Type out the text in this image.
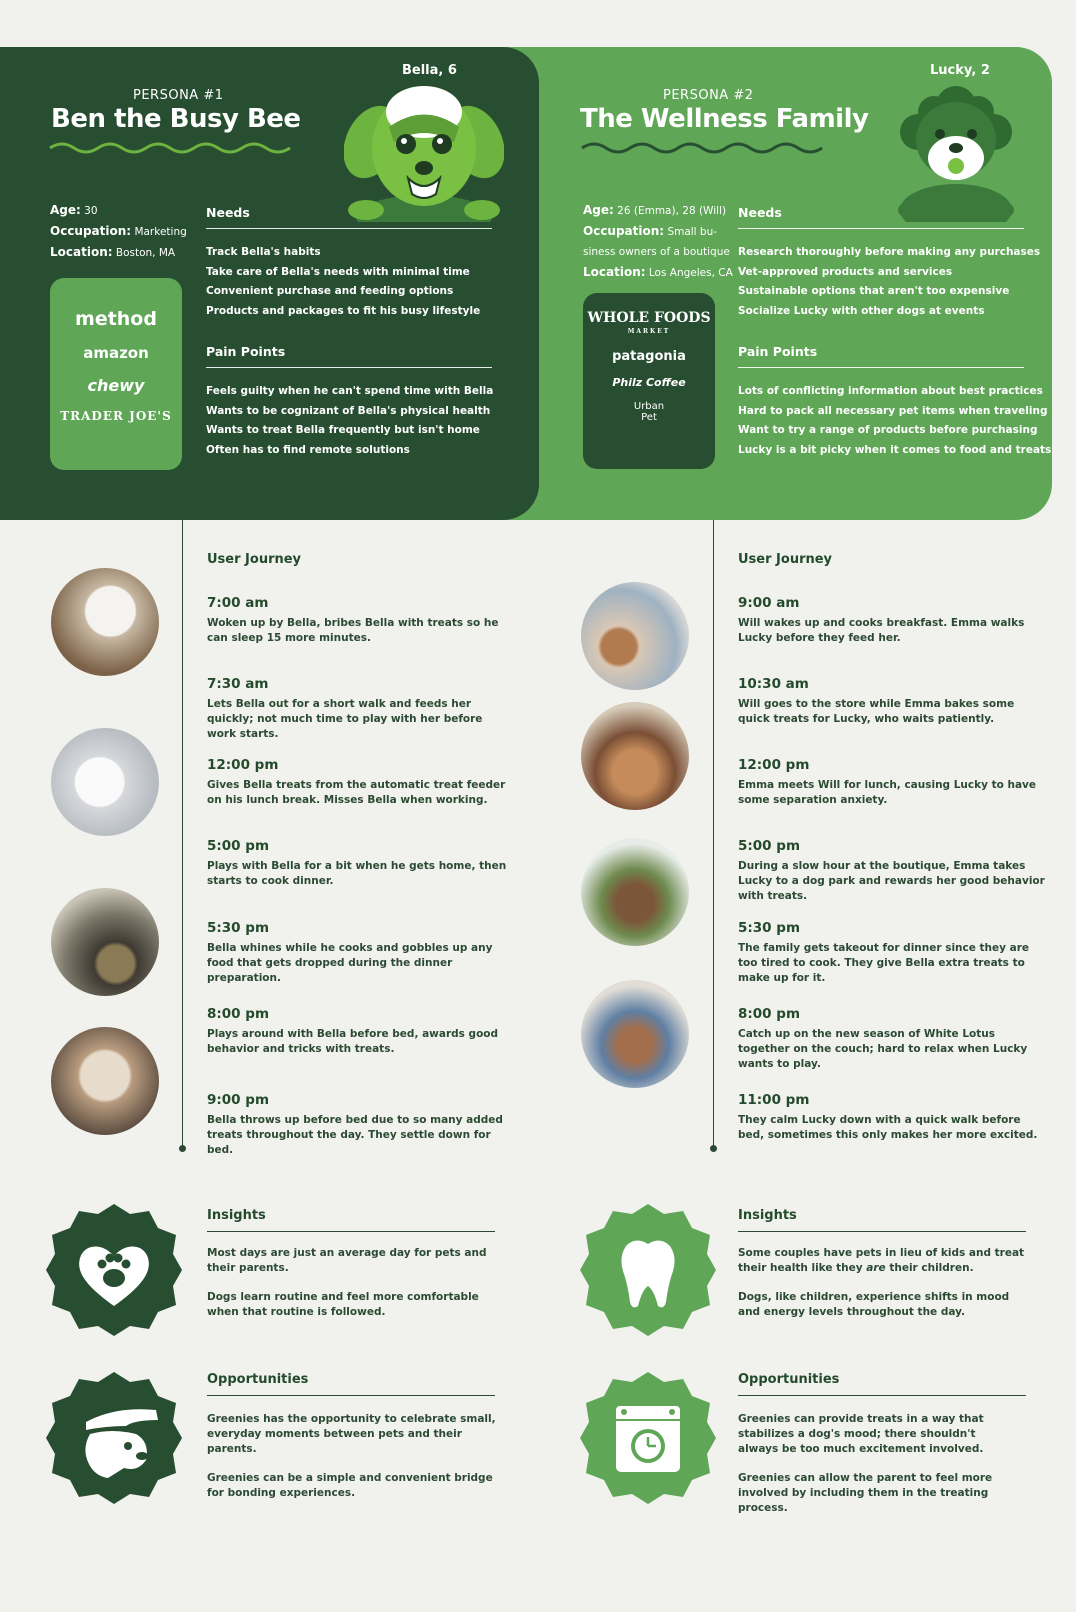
PERSONA #1
Ben the Busy Bee
Bella, 6
Age: 30
Occupation: Marketing
Location: Boston, MA
method
amazon
chewy
TRADER JOE'S
Needs
Track Bella's habits
Take care of Bella's needs with minimal time
Convenient purchase and feeding options
Products and packages to fit his busy lifestyle
Pain Points
Feels guilty when he can't spend time with Bella
Wants to be cognizant of Bella's physical health
Wants to treat Bella frequently but isn't home
Often has to find remote solutions
PERSONA #2
The Wellness Family
Lucky, 2
Age: 26 (Emma), 28 (Will)
Occupation: Small bu-
siness owners of a boutique
Location: Los Angeles, CA
WHOLE FOODS
MARKET
patagonia
Philz Coffee
Urban
Pet
Needs
Research thoroughly before making any purchases
Vet-approved products and services
Sustainable options that aren't too expensive
Socialize Lucky with other dogs at events
Pain Points
Lots of conflicting information about best practices
Hard to pack all necessary pet items when traveling
Want to try a range of products before purchasing
Lucky is a bit picky when it comes to food and treats
User Journey
7:00 am
Woken up by Bella, bribes Bella with treats so he can sleep 15 more minutes.
7:30 am
Lets Bella out for a short walk and feeds her quickly; not much time to play with her before work starts.
12:00 pm
Gives Bella treats from the automatic treat feeder on his lunch break. Misses Bella when working.
5:00 pm
Plays with Bella for a bit when he gets home, then starts to cook dinner.
5:30 pm
Bella whines while he cooks and gobbles up any food that gets dropped during the dinner preparation.
8:00 pm
Plays around with Bella before bed, awards good behavior and tricks with treats.
9:00 pm
Bella throws up before bed due to so many added treats throughout the day. They settle down for bed.
User Journey
9:00 am
Will wakes up and cooks breakfast. Emma walks Lucky before they feed her.
10:30 am
Will goes to the store while Emma bakes some quick treats for Lucky, who waits patiently.
12:00 pm
Emma meets Will for lunch, causing Lucky to have some separation anxiety.
5:00 pm
During a slow hour at the boutique, Emma takes Lucky to a dog park and rewards her good behavior with treats.
5:30 pm
The family gets takeout for dinner since they are too tired to cook. They give Bella extra treats to make up for it.
8:00 pm
Catch up on the new season of White Lotus together on the couch; hard to relax when Lucky wants to play.
11:00 pm
They calm Lucky down with a quick walk before bed, sometimes this only makes her more excited.
Insights
Most days are just an average day for pets and their parents.
Dogs learn routine and feel more comfortable when that routine is followed.
Opportunities
Greenies has the opportunity to celebrate small, everyday moments between pets and their parents.
Greenies can be a simple and convenient bridge for bonding experiences.
Insights
Some couples have pets in lieu of kids and treat
their health like they are their children.
Dogs, like children, experience shifts in mood and energy levels throughout the day.
Opportunities
Greenies can provide treats in a way that stabilizes a dog's mood; there shouldn't always be too much excitement involved.
Greenies can allow the parent to feel more involved by including them in the treating process.
